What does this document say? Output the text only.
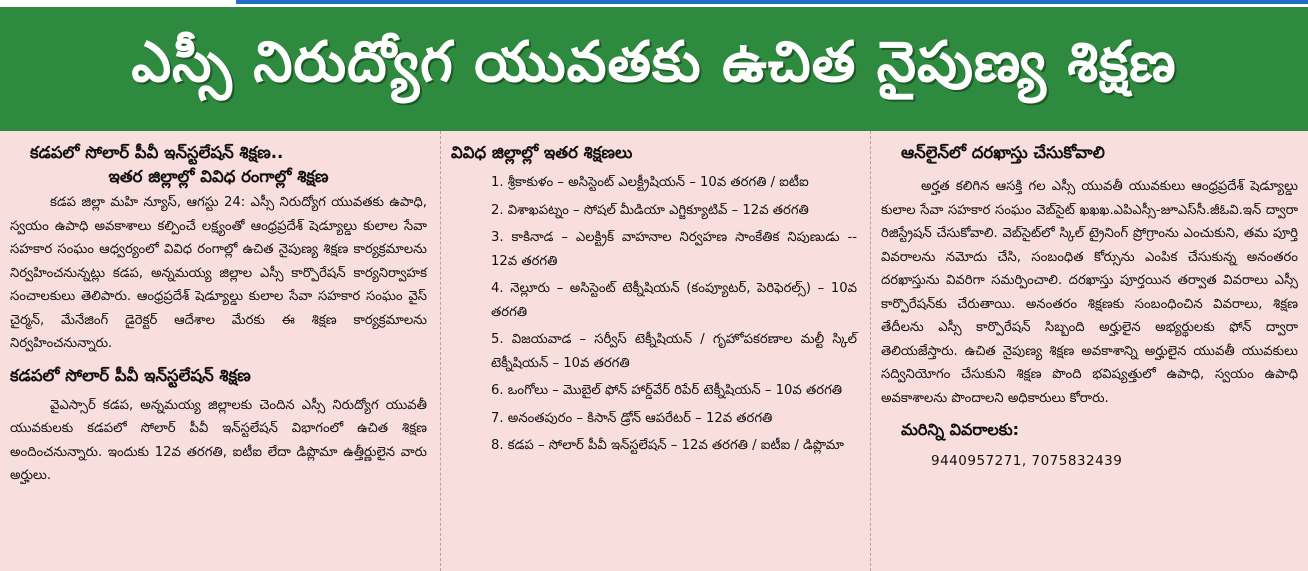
ఎస్సీ నిరుద్యోగ యువతకు ఉచిత నైపుణ్య శిక్షణ

కడపలో సోలార్ పీవీ ఇన్‌స్టలేషన్ శిక్షణ..

ఇతర జిల్లాల్లో వివిధ రంగాల్లో శిక్షణ

కడప జిల్లా మహి న్యూస్, ఆగస్టు 24: ఎస్సీ నిరుద్యోగ యువతకు ఉపాధి, స్వయం ఉపాధి అవకాశాలు కల్పించే లక్ష్యంతో ఆంధ్రప్రదేశ్ షెడ్యూల్డు కులాల సేవా సహకార సంఘం ఆధ్వర్యంలో వివిధ రంగాల్లో ఉచిత నైపుణ్య శిక్షణ కార్యక్రమాలను నిర్వహించనున్నట్లు కడప, అన్నమయ్య జిల్లాల ఎస్సీ కార్పొరేషన్ కార్యనిర్వాహక సంచాలకులు తెలిపారు. ఆంధ్రప్రదేశ్ షెడ్యూల్డు కులాల సేవా సహకార సంఘం వైస్ చైర్మన్, మేనేజింగ్ డైరెక్టర్ ఆదేశాల మేరకు ఈ శిక్షణ కార్యక్రమాలను నిర్వహించనున్నారు.

కడపలో సోలార్ పీవీ ఇన్‌స్టలేషన్ శిక్షణ

వైఎస్సార్ కడప, అన్నమయ్య జిల్లాలకు చెందిన ఎస్సీ నిరుద్యోగ యువతీ యువకులకు కడపలో సోలార్ పీవీ ఇన్‌స్టలేషన్ విభాగంలో ఉచిత శిక్షణ అందించనున్నారు. ఇందుకు 12వ తరగతి, ఐటీఐ లేదా డిప్లొమా ఉత్తీర్ణులైన వారు అర్హులు.

వివిధ జిల్లాల్లో ఇతర శిక్షణలు

1. శ్రీకాకుళం – అసిస్టెంట్ ఎలక్ట్రీషియన్ – 10వ తరగతి / ఐటీఐ
2. విశాఖపట్నం – సోషల్ మీడియా ఎగ్జిక్యూటివ్ – 12వ తరగతి
3. కాకినాడ – ఎలక్ట్రిక్ వాహనాల నిర్వహణ సాంకేతిక నిపుణుడు -- 12వ తరగతి
4. నెల్లూరు – అసిస్టెంట్ టెక్నీషియన్ (కంప్యూటర్, పెరిఫెరల్స్) – 10వ తరగతి
5. విజయవాడ – సర్వీస్ టెక్నీషియన్ / గృహోపకరణాల మల్టీ స్కిల్ టెక్నీషియన్ – 10వ తరగతి
6. ఒంగోలు – మొబైల్ ఫోన్ హార్డ్‌వేర్ రిపేర్ టెక్నీషియన్ – 10వ తరగతి
7. అనంతపురం – కిసాన్ డ్రోన్ ఆపరేటర్ – 12వ తరగతి
8. కడప – సోలార్ పీవీ ఇన్‌స్టలేషన్ – 12వ తరగతి / ఐటీఐ / డిప్లొమా

ఆన్‌లైన్‌లో దరఖాస్తు చేసుకోవాలి

అర్హత కలిగిన ఆసక్తి గల ఎస్సీ యువతీ యువకులు ఆంధ్రప్రదేశ్ షెడ్యూల్డు కులాల సేవా సహకార సంఘం వెబ్‌సైట్ ఖఖఖ.ఎపిఎస్సీ-జూఎస్‌సీ.జీఓవి.ఇన్ ద్వారా రిజిస్ట్రేషన్ చేసుకోవాలి. వెబ్‌సైట్‌లో స్కిల్ ట్రైనింగ్ ప్రోగ్రాంను ఎంచుకుని, తమ పూర్తి వివరాలను నమోదు చేసి, సంబంధిత కోర్సును ఎంపిక చేసుకున్న అనంతరం దరఖాస్తును వివరిగా సమర్పించాలి. దరఖాస్తు పూర్తయిన తర్వాత వివరాలు ఎస్సీ కార్పొరేషన్‌కు చేరుతాయి. అనంతరం శిక్షణకు సంబంధించిన వివరాలు, శిక్షణ తేదీలను ఎస్సీ కార్పొరేషన్ సిబ్బంది అర్హులైన అభ్యర్థులకు ఫోన్ ద్వారా తెలియజేస్తారు. ఉచిత నైపుణ్య శిక్షణ అవకాశాన్ని అర్హులైన యువతీ యువకులు సద్వినియోగం చేసుకుని శిక్షణ పొంది భవిష్యత్తులో ఉపాధి, స్వయం ఉపాధి అవకాశాలను పొందాలని అధికారులు కోరారు.

మరిన్ని వివరాలకు:

9440957271, 7075832439
